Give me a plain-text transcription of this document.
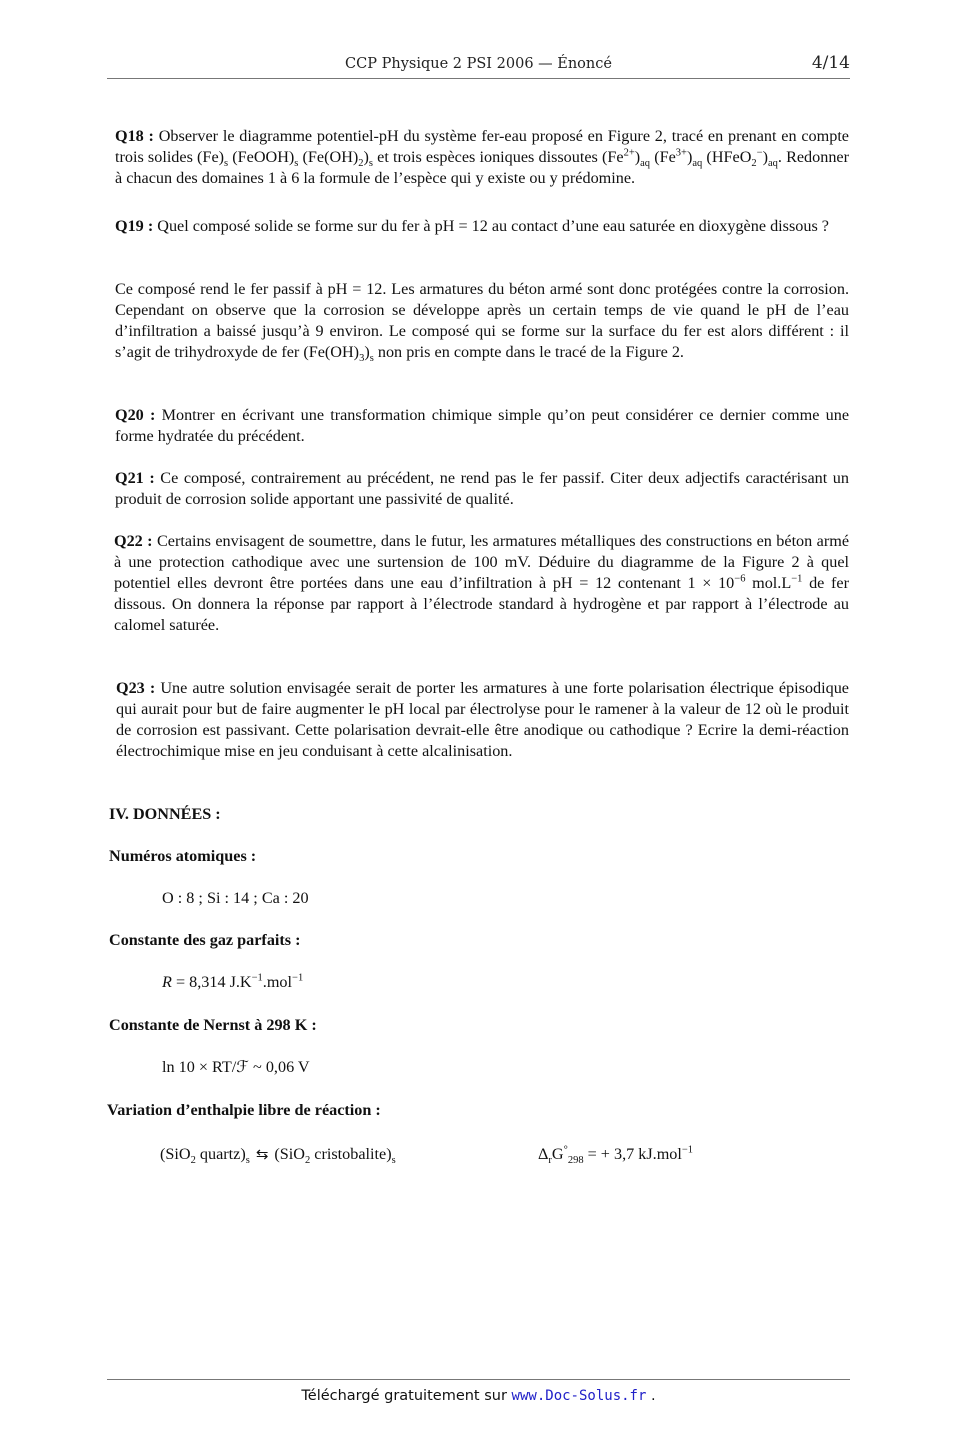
CCP Physique 2 PSI 2006 — Énoncé	4/14

Q18 : Observer le diagramme potentiel-pH du système fer-eau proposé en Figure 2, tracé en prenant en compte trois solides $(Fe)_s$ $(FeOOH)_s$ $(Fe(OH)_2)_s$ et trois espèces ioniques dissoutes $(Fe^{2+})_{aq}$ $(Fe^{3+})_{aq}$ $(HFeO_2^-)_{aq}$. Redonner à chacun des domaines 1 à 6 la formule de l’espèce qui y existe ou y prédomine.

Q19 : Quel composé solide se forme sur du fer à pH = 12 au contact d’une eau saturée en dioxygène dissous ?

Ce composé rend le fer passif à pH = 12. Les armatures du béton armé sont donc protégées contre la corrosion. Cependant on observe que la corrosion se développe après un certain temps de vie quand le pH de l’eau d’infiltration a baissé jusqu’à 9 environ. Le composé qui se forme sur la surface du fer est alors différent : il s’agit de trihydroxyde de fer $(Fe(OH)_3)_s$ non pris en compte dans le tracé de la Figure 2.

Q20 : Montrer en écrivant une transformation chimique simple qu’on peut considérer ce dernier comme une forme hydratée du précédent.

Q21 : Ce composé, contrairement au précédent, ne rend pas le fer passif. Citer deux adjectifs caractérisant un produit de corrosion solide apportant une passivité de qualité.

Q22 : Certains envisagent de soumettre, dans le futur, les armatures métalliques des constructions en béton armé à une protection cathodique avec une surtension de 100 mV. Déduire du diagramme de la Figure 2 à quel potentiel elles devront être portées dans une eau d’infiltration à pH = 12 contenant $1 \times 10^{-6}$ $mol.L^{-1}$ de fer dissous. On donnera la réponse par rapport à l’électrode standard à hydrogène et par rapport à l’électrode au calomel saturée.

Q23 : Une autre solution envisagée serait de porter les armatures à une forte polarisation électrique épisodique qui aurait pour but de faire augmenter le pH local par électrolyse pour le ramener à la valeur de 12 où le produit de corrosion est passivant. Cette polarisation devrait-elle être anodique ou cathodique ? Ecrire la demi-réaction électrochimique mise en jeu conduisant à cette alcalinisation.

IV. DONNÉES :
Numéros atomiques :
O : 8 ; Si : 14 ; Ca : 20
Constante des gaz parfaits :
R = 8,314 $J.K^{-1}.mol^{-1}$
Constante de Nernst à 298 K :
ln 10 × RT/ℱ ~ 0,06 V
Variation d’enthalpie libre de réaction :
(SiO$_2$ $quartz)_s$ ⇆ (SiO$_2$ $cristobalite)_s$	$\Delta_rG^\circ_{298}$ = + 3,7 kJ.mol$^{-1}$
Téléchargé gratuitement sur www.Doc-Solus.fr .
